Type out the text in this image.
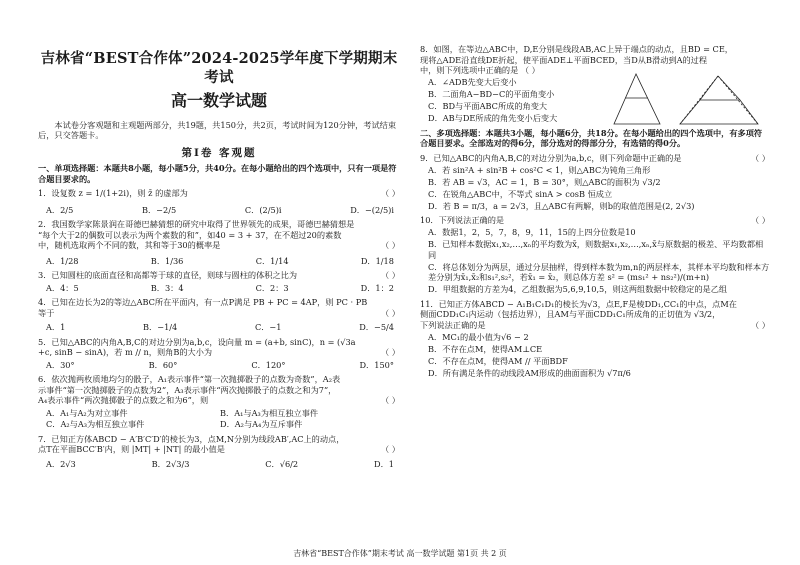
吉林省“BEST合作体”2024-2025学年度下学期期末考试
高一数学试题
本试卷分客观题和主观题两部分，共19题，共150分，共2页，考试时间为120分钟，考试结束后，只交答题卡。
第Ⅰ卷 客观题
一、单项选择题：本题共8小题，每小题5分，共40分。在每小题给出的四个选项中，只有一项是符合题目要求的。
1．设复数 z = 1/(1+2i)，则 z̄ 的虚部为	（ ）
A．2/5	B．−2/5	C．(2/5)i	D．−(2/5)i
2．我国数学家陈景润在哥德巴赫猜想的研究中取得了世界领先的成果，哥德巴赫猜想是
“每个大于2的偶数可以表示为两个素数的和”，如40 = 3 + 37，在不超过20的素数
中，随机选取两个不同的数，其和等于30的概率是	（ ）
A．1/28	B．1/36	C．1/14	D．1/18
3．已知圆柱的底面直径和高都等于球的直径，则球与圆柱的体积之比为	（ ）
A．4：5	B．3：4	C．2：3	D．1：2
4．已知在边长为2的等边△ABC所在平面内，有一点P满足 PB + PC = 4AP，则 PC · PB
等于	（ ）
A．1	B．−1/4	C．−1	D．−5/4
5．已知△ABC的内角A,B,C的对边分别为a,b,c，设向量 m = (a+b, sinC)，n = (√3a
+c, sinB − sinA)，若 m // n，则角B的大小为	（ ）
A．30°	B．60°	C．120°	D．150°
6．依次抛两枚质地均匀的骰子，A₁表示事件“第一次抛掷骰子的点数为奇数”，A₂表
示事件“第一次抛掷骰子的点数为2”，A₃表示事件“两次抛掷骰子的点数之和为7”，
A₄表示事件“两次抛掷骰子的点数之和为6”，则	（ ）
A．A₁与A₂为对立事件	B．A₁与A₃为相互独立事件
C．A₂与A₃为相互独立事件	D．A₂与A₄为互斥事件
7．已知正方体ABCD − A′B′C′D′的棱长为3，点M,N分别为线段AB′,AC上的动点，
点T在平面BCC′B′内，则 |MT| + |NT| 的最小值是	（ ）
A．2√3	B．2√3/3	C．√6/2	D．1
8．如图，在等边△ABC中，D,E分别是线段AB,AC上异于端点的动点，且BD = CE，
现将△ADE沿直线DE折起，使平面ADE⊥平面BCED，当D从B滑动到A的过程中，则下列选项中正确的是 （ ）
A．∠ADB先变大后变小
B．二面角A−BD−C的平面角变小
C．BD与平面ABC所成的角变大
D．AB与DE所成的角先变小后变大
二、多项选择题：本题共3小题，每小题6分，共18分。在每小题给出的四个选项中，有多项符合题目要求。全部选对的得6分，部分选对的得部分分，有选错的得0分。
9．已知△ABC的内角A,B,C的对边分别为a,b,c，则下列命题中正确的是	（ ）
A．若 sin²A + sin²B + cos²C < 1，则△ABC为钝角三角形
B．若 AB = √3，AC = 1，B = 30°，则△ABC的面积为 √3/2
C．在锐角△ABC中，不等式 sinA > cosB 恒成立
D．若 B = π/3，a = 2√3，且△ABC有两解，则b的取值范围是(2, 2√3)
10．下列说法正确的是	（ ）
A．数据1，2，5，7，8，9，11，15的上四分位数是10
B．已知样本数据x₁,x₂,…,xₙ的平均数为x̄，则数据x₁,x₂,…,xₙ,x̄与原数据的极差、平均数都相同
C．将总体划分为两层，通过分层抽样，得到样本数为m,n的两层样本，其样本平均数和样本方差分别为x̄₁,x̄₂和s₁²,s₂²，若x̄₁ = x̄₂，则总体方差 s² = (ms₁² + ns₂²)/(m+n)
D．甲组数据的方差为4，乙组数据为5,6,9,10,5，则这两组数据中较稳定的是乙组
11．已知正方体ABCD − A₁B₁C₁D₁的棱长为√3，点E,F是棱DD₁,CC₁的中点，点M在
侧面CDD₁C₁内运动（包括边界），且AM与平面CDD₁C₁所成角的正切值为 √3/2，
下列说法正确的是	（ ）
A．MC₁的最小值为√6 − 2
B．不存在点M，使得AM⊥CE
C．不存在点M，使得AM // 平面BDF
D．所有满足条件的动线段AM形成的曲面面积为 √7π/6
吉林省“BEST合作体”期末考试 高一数学试题 第1页 共 2 页
